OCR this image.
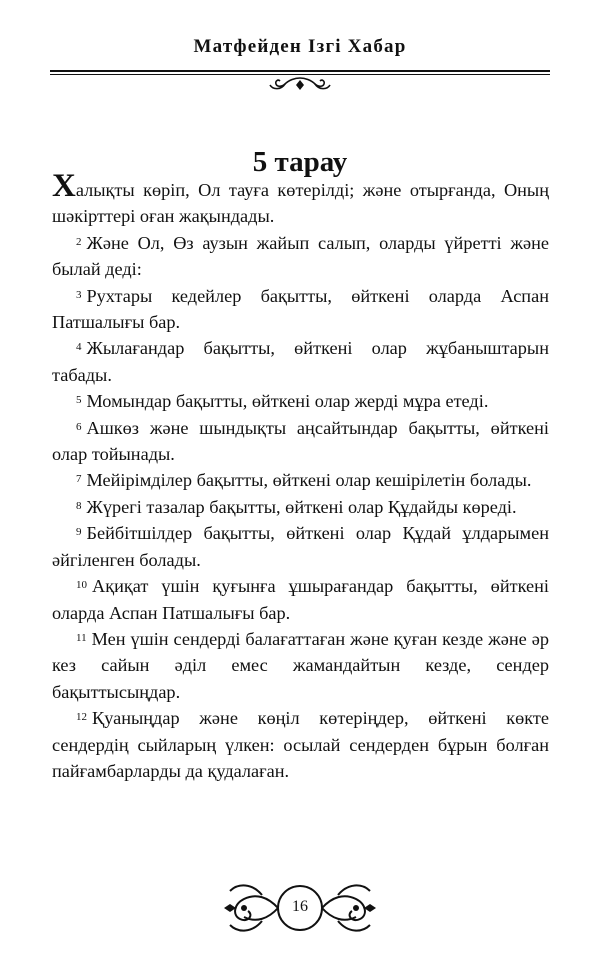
Матфейден Ізгі Хабар
5 тарау

Халықты көріп, Ол тауға көтерілді; және отырғанда, Оның шәкірттері оған жақындады.

$^2$ Және Ол, Өз аузын жайып салып, оларды үйретті және былай деді:

$^3$ Рухтары кедейлер бақытты, өйткені оларда Аспан Патшалығы бар.

$^4$ Жылағандар бақытты, өйткені олар жұбаныштарын табады.

$^5$ Момындар бақытты, өйткені олар жерді мұра етеді.

$^6$ Ашкөз және шындықты аңсайтындар бақытты, өйткені олар тойынады.

$^7$ Мейірімділер бақытты, өйткені олар кешірілетін болады.

$^8$ Жүрегі тазалар бақытты, өйткені олар Құдайды көреді.

$^9$ Бейбітшілдер бақытты, өйткені олар Құдай ұлдарымен әйгіленген болады.

$^{10}$ Ақиқат үшін қуғынға ұшырағандар бақытты, өйткені оларда Аспан Патшалығы бар.

$^{11}$ Мен үшін сендерді балағаттаған және қуған кезде және әр кез сайын әділ емес жамандайтын кезде, сендер бақыттысыңдар.

$^{12}$ Қуаныңдар және көңіл көтеріңдер, өйткені көкте сендердің сыйларың үлкен: осылай сендерден бұрын болған пайғамбарларды да қудалаған.

16
